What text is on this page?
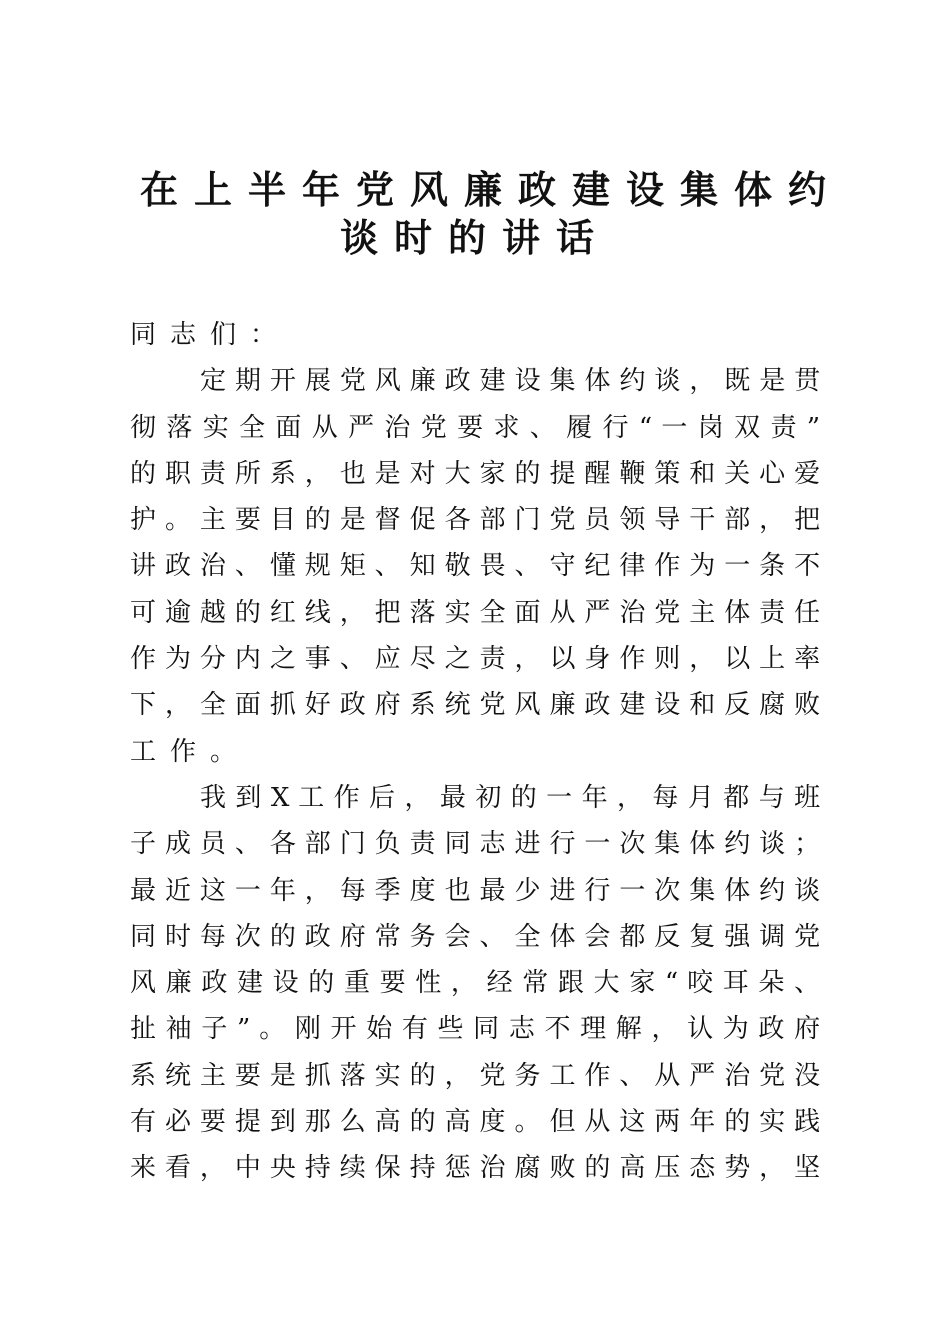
在上半年党风廉政建设集体约
谈时的讲话
同志们：
定 期 开 展 党 风 廉 政 建 设 集 体 约 谈 ， 既 是 贯
彻 落 实 全 面 从 严 治 党 要 求 、 履 行 “ 一 岗 双 责 ”
的 职 责 所 系 ， 也 是 对 大 家 的 提 醒 鞭 策 和 关 心 爱
护 。 主 要 目 的 是 督 促 各 部 门 党 员 领 导 干 部 ， 把
讲 政 治 、 懂 规 矩 、 知 敬 畏 、 守 纪 律 作 为 一 条 不
可 逾 越 的 红 线 ， 把 落 实 全 面 从 严 治 党 主 体 责 任
作 为 分 内 之 事 、 应 尽 之 责 ， 以 身 作 则 ， 以 上 率
下 ， 全 面 抓 好 政 府 系 统 党 风 廉 政 建 设 和 反 腐 败
工作。
我 到 X 工 作 后 ， 最 初 的 一 年 ， 每 月 都 与 班
子 成 员 、 各 部 门 负 责 同 志 进 行 一 次 集 体 约 谈 ；
最 近 这 一 年 ， 每 季 度 也 最 少 进 行 一 次 集 体 约 谈
同 时 每 次 的 政 府 常 务 会 、 全 体 会 都 反 复 强 调 党
风 廉 政 建 设 的 重 要 性 ， 经 常 跟 大 家 “ 咬 耳 朵 、
扯 袖 子 ” 。 刚 开 始 有 些 同 志 不 理 解 ， 认 为 政 府
系 统 主 要 是 抓 落 实 的 ， 党 务 工 作 、 从 严 治 党 没
有 必 要 提 到 那 么 高 的 高 度 。 但 从 这 两 年 的 实 践
来 看 ， 中 央 持 续 保 持 惩 治 腐 败 的 高 压 态 势 ， 坚
